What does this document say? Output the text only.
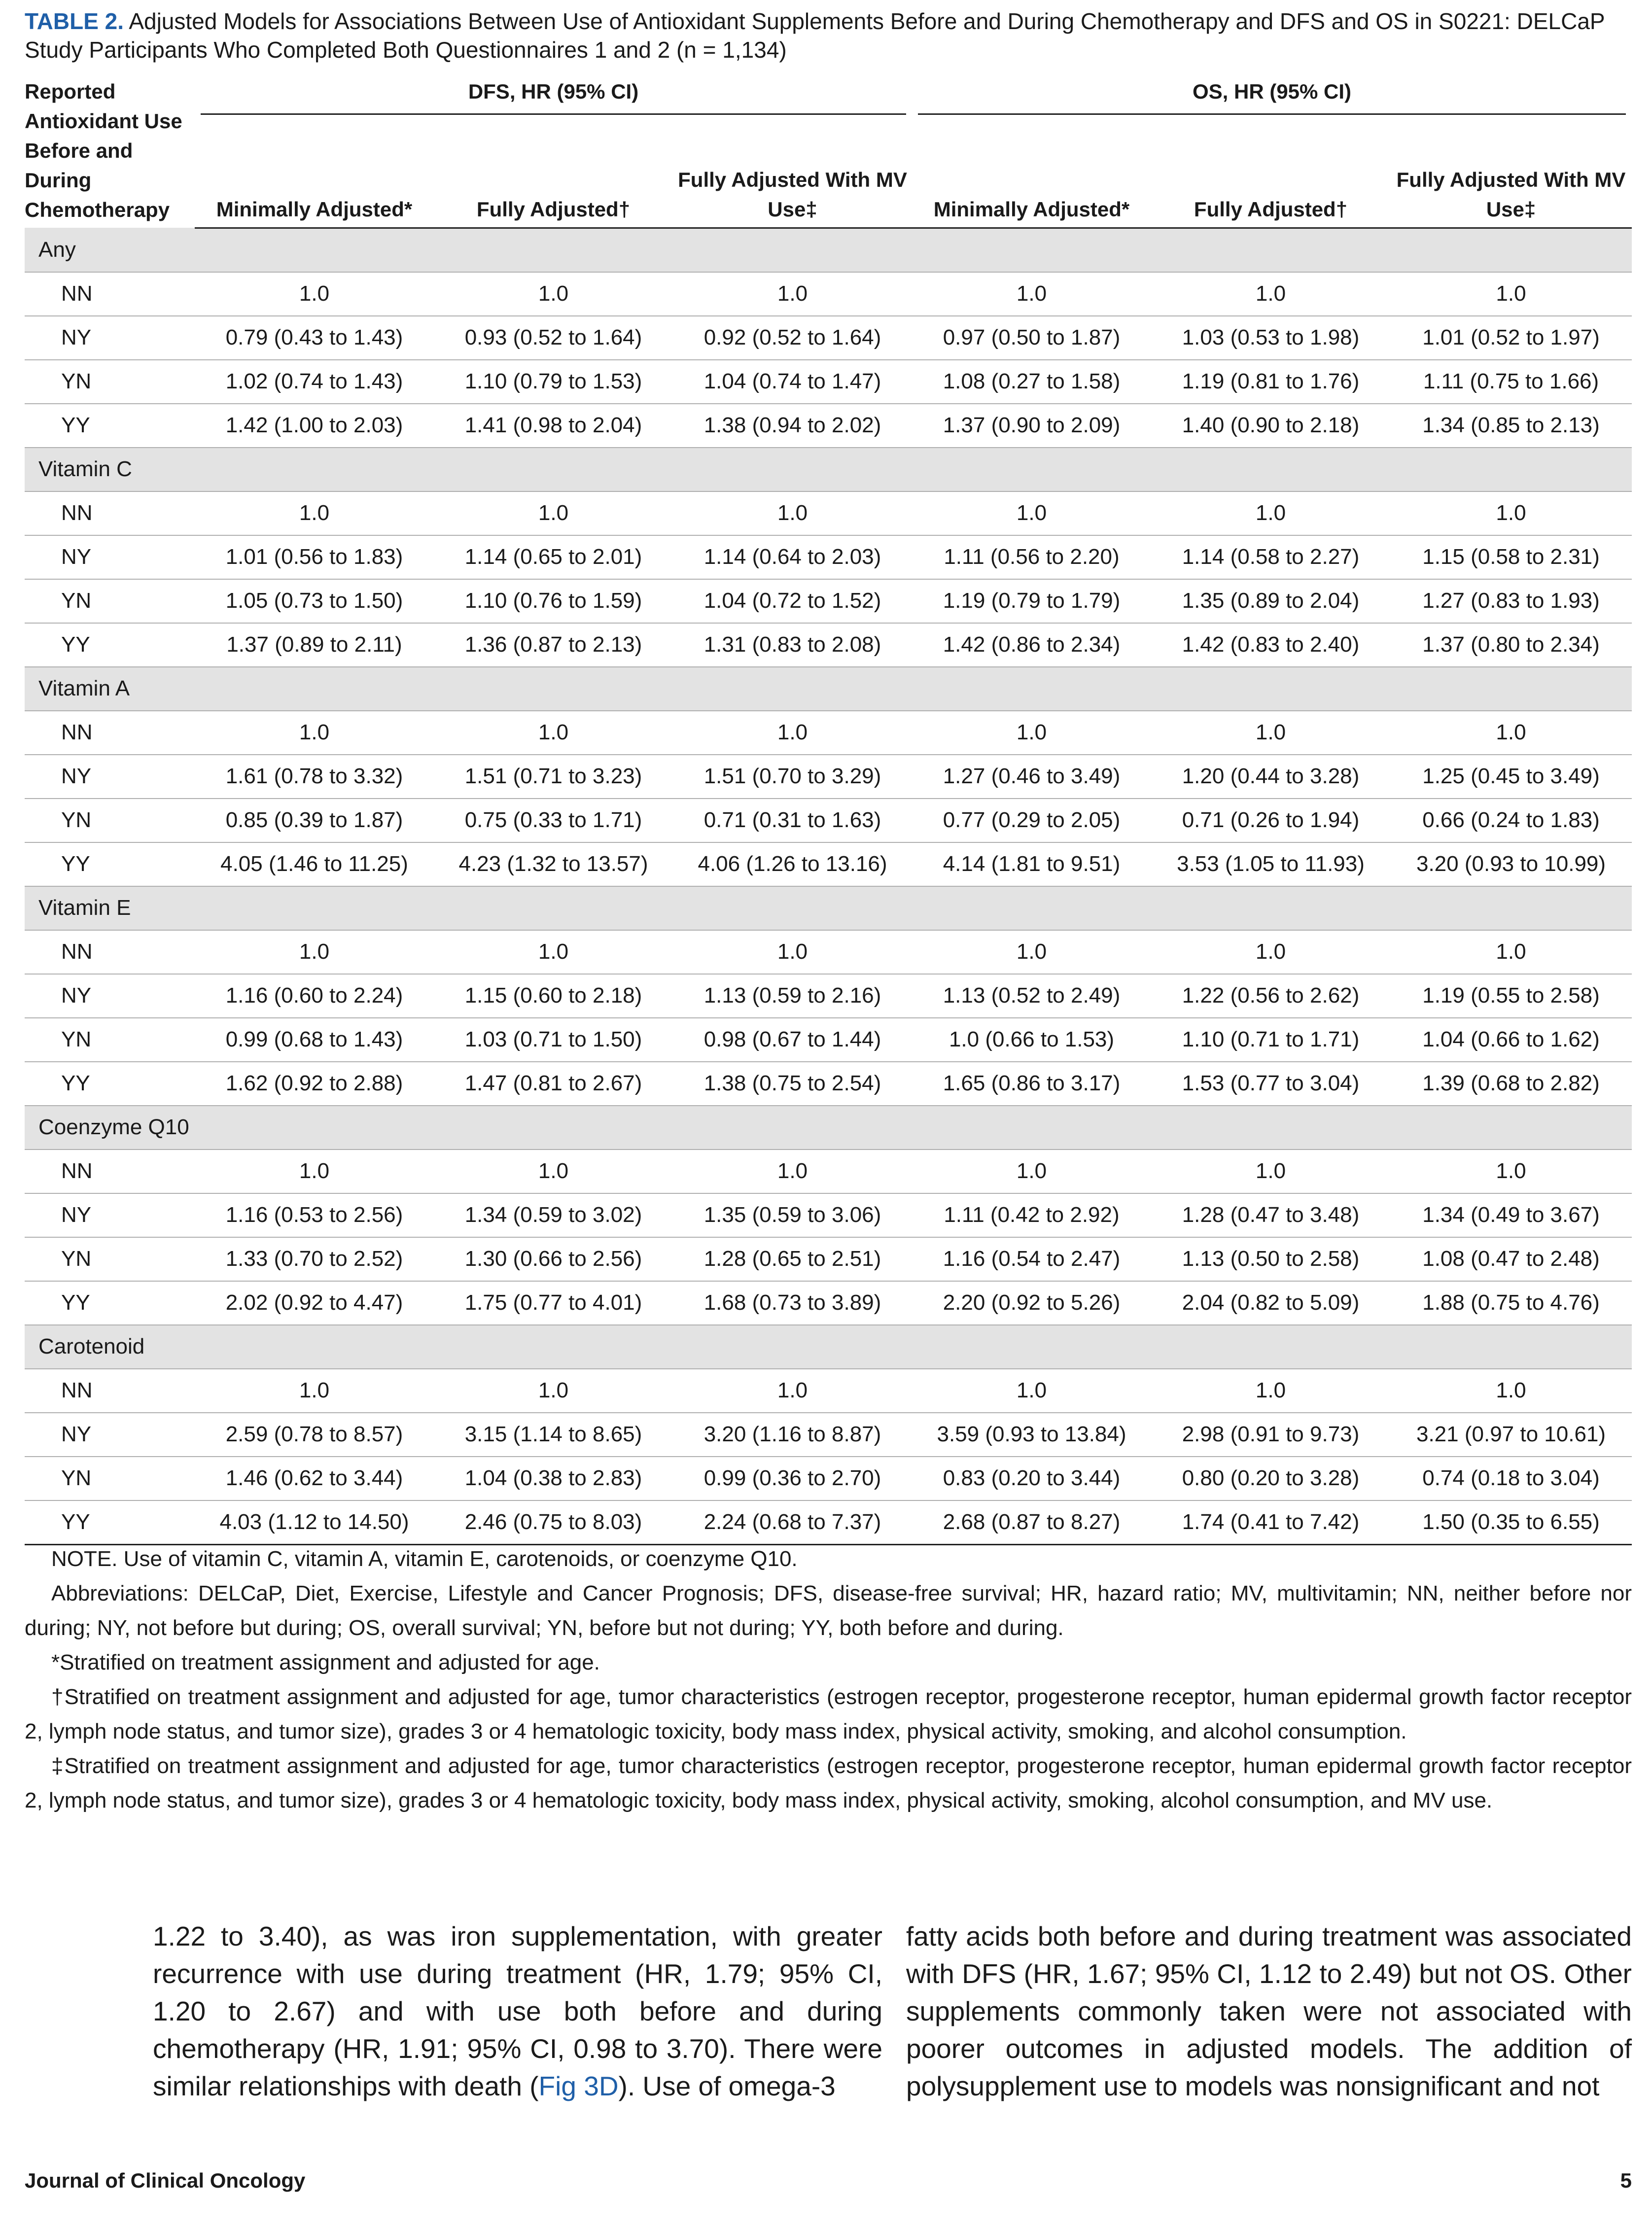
TABLE 2. Adjusted Models for Associations Between Use of Antioxidant Supplements Before and During Chemotherapy and DFS and OS in S0221: DELCaP Study Participants Who Completed Both Questionnaires 1 and 2 (n = 1,134)
Reported Antioxidant Use Before and During Chemotherapy	DFS, HR (95% CI)			OS, HR (95% CI)		

	Minimally Adjusted*	Fully Adjusted†	Fully Adjusted With MV Use‡	Minimally Adjusted*	Fully Adjusted†	Fully Adjusted With MV Use‡
Any						
NN	1.0	1.0	1.0	1.0	1.0	1.0
NY	0.79 (0.43 to 1.43)	0.93 (0.52 to 1.64)	0.92 (0.52 to 1.64)	0.97 (0.50 to 1.87)	1.03 (0.53 to 1.98)	1.01 (0.52 to 1.97)
YN	1.02 (0.74 to 1.43)	1.10 (0.79 to 1.53)	1.04 (0.74 to 1.47)	1.08 (0.27 to 1.58)	1.19 (0.81 to 1.76)	1.11 (0.75 to 1.66)
YY	1.42 (1.00 to 2.03)	1.41 (0.98 to 2.04)	1.38 (0.94 to 2.02)	1.37 (0.90 to 2.09)	1.40 (0.90 to 2.18)	1.34 (0.85 to 2.13)
Vitamin C						
NN	1.0	1.0	1.0	1.0	1.0	1.0
NY	1.01 (0.56 to 1.83)	1.14 (0.65 to 2.01)	1.14 (0.64 to 2.03)	1.11 (0.56 to 2.20)	1.14 (0.58 to 2.27)	1.15 (0.58 to 2.31)
YN	1.05 (0.73 to 1.50)	1.10 (0.76 to 1.59)	1.04 (0.72 to 1.52)	1.19 (0.79 to 1.79)	1.35 (0.89 to 2.04)	1.27 (0.83 to 1.93)
YY	1.37 (0.89 to 2.11)	1.36 (0.87 to 2.13)	1.31 (0.83 to 2.08)	1.42 (0.86 to 2.34)	1.42 (0.83 to 2.40)	1.37 (0.80 to 2.34)
Vitamin A						
NN	1.0	1.0	1.0	1.0	1.0	1.0
NY	1.61 (0.78 to 3.32)	1.51 (0.71 to 3.23)	1.51 (0.70 to 3.29)	1.27 (0.46 to 3.49)	1.20 (0.44 to 3.28)	1.25 (0.45 to 3.49)
YN	0.85 (0.39 to 1.87)	0.75 (0.33 to 1.71)	0.71 (0.31 to 1.63)	0.77 (0.29 to 2.05)	0.71 (0.26 to 1.94)	0.66 (0.24 to 1.83)
YY	4.05 (1.46 to 11.25)	4.23 (1.32 to 13.57)	4.06 (1.26 to 13.16)	4.14 (1.81 to 9.51)	3.53 (1.05 to 11.93)	3.20 (0.93 to 10.99)
Vitamin E						
NN	1.0	1.0	1.0	1.0	1.0	1.0
NY	1.16 (0.60 to 2.24)	1.15 (0.60 to 2.18)	1.13 (0.59 to 2.16)	1.13 (0.52 to 2.49)	1.22 (0.56 to 2.62)	1.19 (0.55 to 2.58)
YN	0.99 (0.68 to 1.43)	1.03 (0.71 to 1.50)	0.98 (0.67 to 1.44)	1.0 (0.66 to 1.53)	1.10 (0.71 to 1.71)	1.04 (0.66 to 1.62)
YY	1.62 (0.92 to 2.88)	1.47 (0.81 to 2.67)	1.38 (0.75 to 2.54)	1.65 (0.86 to 3.17)	1.53 (0.77 to 3.04)	1.39 (0.68 to 2.82)
Coenzyme Q10						
NN	1.0	1.0	1.0	1.0	1.0	1.0
NY	1.16 (0.53 to 2.56)	1.34 (0.59 to 3.02)	1.35 (0.59 to 3.06)	1.11 (0.42 to 2.92)	1.28 (0.47 to 3.48)	1.34 (0.49 to 3.67)
YN	1.33 (0.70 to 2.52)	1.30 (0.66 to 2.56)	1.28 (0.65 to 2.51)	1.16 (0.54 to 2.47)	1.13 (0.50 to 2.58)	1.08 (0.47 to 2.48)
YY	2.02 (0.92 to 4.47)	1.75 (0.77 to 4.01)	1.68 (0.73 to 3.89)	2.20 (0.92 to 5.26)	2.04 (0.82 to 5.09)	1.88 (0.75 to 4.76)
Carotenoid						
NN	1.0	1.0	1.0	1.0	1.0	1.0
NY	2.59 (0.78 to 8.57)	3.15 (1.14 to 8.65)	3.20 (1.16 to 8.87)	3.59 (0.93 to 13.84)	2.98 (0.91 to 9.73)	3.21 (0.97 to 10.61)
YN	1.46 (0.62 to 3.44)	1.04 (0.38 to 2.83)	0.99 (0.36 to 2.70)	0.83 (0.20 to 3.44)	0.80 (0.20 to 3.28)	0.74 (0.18 to 3.04)
YY	4.03 (1.12 to 14.50)	2.46 (0.75 to 8.03)	2.24 (0.68 to 7.37)	2.68 (0.87 to 8.27)	1.74 (0.41 to 7.42)	1.50 (0.35 to 6.55)

NOTE. Use of vitamin C, vitamin A, vitamin E, carotenoids, or coenzyme Q10.

Abbreviations: DELCaP, Diet, Exercise, Lifestyle and Cancer Prognosis; DFS, disease-free survival; HR, hazard ratio; MV, multivitamin; NN, neither before nor during; NY, not before but during; OS, overall survival; YN, before but not during; YY, both before and during.

*Stratified on treatment assignment and adjusted for age.

†Stratified on treatment assignment and adjusted for age, tumor characteristics (estrogen receptor, progesterone receptor, human epidermal growth factor receptor 2, lymph node status, and tumor size), grades 3 or 4 hematologic toxicity, body mass index, physical activity, smoking, and alcohol consumption.

‡Stratified on treatment assignment and adjusted for age, tumor characteristics (estrogen receptor, progesterone receptor, human epidermal growth factor receptor 2, lymph node status, and tumor size), grades 3 or 4 hematologic toxicity, body mass index, physical activity, smoking, alcohol consumption, and MV use.

1.22 to 3.40), as was iron supplementation, with greater recurrence with use during treatment (HR, 1.79; 95% CI, 1.20 to 2.67) and with use both before and during chemotherapy (HR, 1.91; 95% CI, 0.98 to 3.70). There were similar relationships with death (Fig 3D). Use of omega-3

fatty acids both before and during treatment was associated with DFS (HR, 1.67; 95% CI, 1.12 to 2.49) but not OS. Other supplements commonly taken were not associated with poorer outcomes in adjusted models. The addition of polysupplement use to models was nonsignificant and not

Journal of Clinical Oncology	5
